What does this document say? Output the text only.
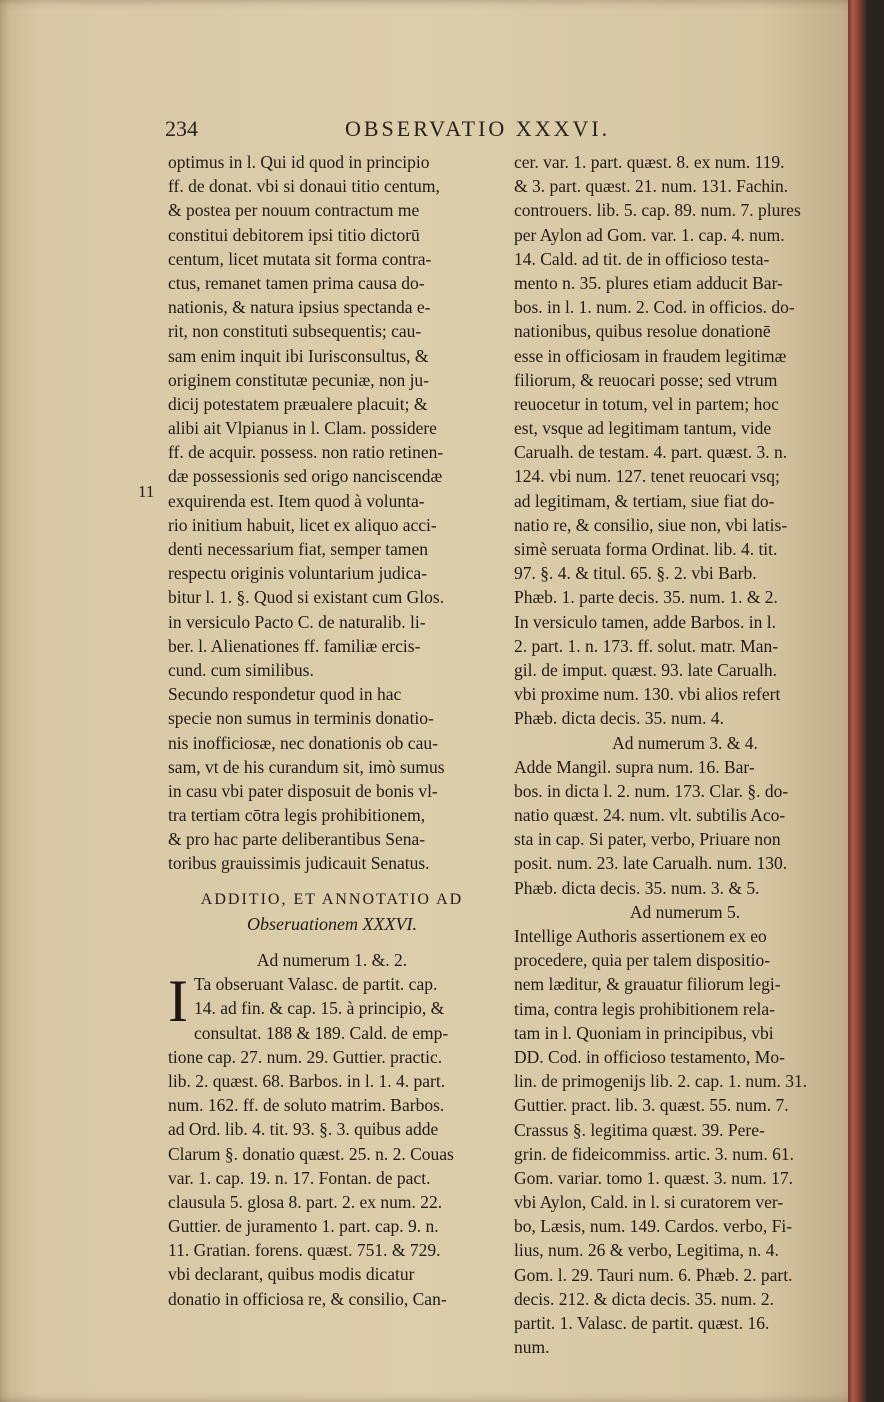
234	OBSERVATIO XXXVI.
11
optimus in l. Qui id quod in principio
ff. de donat. vbi si donaui titio centum,
& postea per nouum contractum me
constitui debitorem ipsi titio dictorū
centum, licet mutata sit forma contra-
ctus, remanet tamen prima causa do-
nationis, & natura ipsius spectanda e-
rit, non constituti subsequentis; cau-
sam enim inquit ibi Iurisconsultus, &
originem constitutæ pecuniæ, non ju-
dicij potestatem præualere placuit; &
alibi ait Vlpianus in l. Clam. possidere
ff. de acquir. possess. non ratio retinen-
dæ possessionis sed origo nanciscendæ
exquirenda est. Item quod à volunta-
rio initium habuit, licet ex aliquo acci-
denti necessarium fiat, semper tamen
respectu originis voluntarium judica-
bitur l. 1. §. Quod si existant cum Glos.
in versiculo Pacto C. de naturalib. li-
ber. l. Alienationes ff. familiæ ercis-
cund. cum similibus.
Secundo respondetur quod in hac
specie non sumus in terminis donatio-
nis inofficiosæ, nec donationis ob cau-
sam, vt de his curandum sit, imò sumus
in casu vbi pater disposuit de bonis vl-
tra tertiam cōtra legis prohibitionem,
& pro hac parte deliberantibus Sena-
toribus grauissimis judicauit Senatus.
ADDITIO, ET ANNOTATIO AD
Obseruationem XXXVI.
Ad numerum 1. &. 2.
I Ta obseruant Valasc. de partit. cap.
14. ad fin. & cap. 15. à principio, &
consultat. 188 & 189. Cald. de emp-
tione cap. 27. num. 29. Guttier. practic.
lib. 2. quæst. 68. Barbos. in l. 1. 4. part.
num. 162. ff. de soluto matrim. Barbos.
ad Ord. lib. 4. tit. 93. §. 3. quibus adde
Clarum §. donatio quæst. 25. n. 2. Couas
var. 1. cap. 19. n. 17. Fontan. de pact.
clausula 5. glosa 8. part. 2. ex num. 22.
Guttier. de juramento 1. part. cap. 9. n.
11. Gratian. forens. quæst. 751. & 729.
vbi declarant, quibus modis dicatur
donatio in officiosa re, & consilio, Can-
cer. var. 1. part. quæst. 8. ex num. 119.
& 3. part. quæst. 21. num. 131. Fachin.
controuers. lib. 5. cap. 89. num. 7. plures
per Aylon ad Gom. var. 1. cap. 4. num.
14. Cald. ad tit. de in officioso testa-
mento n. 35. plures etiam adducit Bar-
bos. in l. 1. num. 2. Cod. in officios. do-
nationibus, quibus resolue donationē
esse in officiosam in fraudem legitimæ
filiorum, & reuocari posse; sed vtrum
reuocetur in totum, vel in partem; hoc
est, vsque ad legitimam tantum, vide
Carualh. de testam. 4. part. quæst. 3. n.
124. vbi num. 127. tenet reuocari vsq;
ad legitimam, & tertiam, siue fiat do-
natio re, & consilio, siue non, vbi latis-
simè seruata forma Ordinat. lib. 4. tit.
97. §. 4. & titul. 65. §. 2. vbi Barb.
Phæb. 1. parte decis. 35. num. 1. & 2.
In versiculo tamen, adde Barbos. in l.
2. part. 1. n. 173. ff. solut. matr. Man-
gil. de imput. quæst. 93. late Carualh.
vbi proxime num. 130. vbi alios refert
Phæb. dicta decis. 35. num. 4.
Ad numerum 3. & 4.
Adde Mangil. supra num. 16. Bar-
bos. in dicta l. 2. num. 173. Clar. §. do-
natio quæst. 24. num. vlt. subtilis Aco-
sta in cap. Si pater, verbo, Priuare non
posit. num. 23. late Carualh. num. 130.
Phæb. dicta decis. 35. num. 3. & 5.
Ad numerum 5.
Intellige Authoris assertionem ex eo
procedere, quia per talem dispositio-
nem læditur, & grauatur filiorum legi-
tima, contra legis prohibitionem rela-
tam in l. Quoniam in principibus, vbi
DD. Cod. in officioso testamento, Mo-
lin. de primogenijs lib. 2. cap. 1. num. 31.
Guttier. pract. lib. 3. quæst. 55. num. 7.
Crassus §. legitima quæst. 39. Pere-
grin. de fideicommiss. artic. 3. num. 61.
Gom. variar. tomo 1. quæst. 3. num. 17.
vbi Aylon, Cald. in l. si curatorem ver-
bo, Læsis, num. 149. Cardos. verbo, Fi-
lius, num. 26 & verbo, Legitima, n. 4.
Gom. l. 29. Tauri num. 6. Phæb. 2. part.
decis. 212. & dicta decis. 35. num. 2.
partit. 1. Valasc. de partit. quæst. 16.
num.
